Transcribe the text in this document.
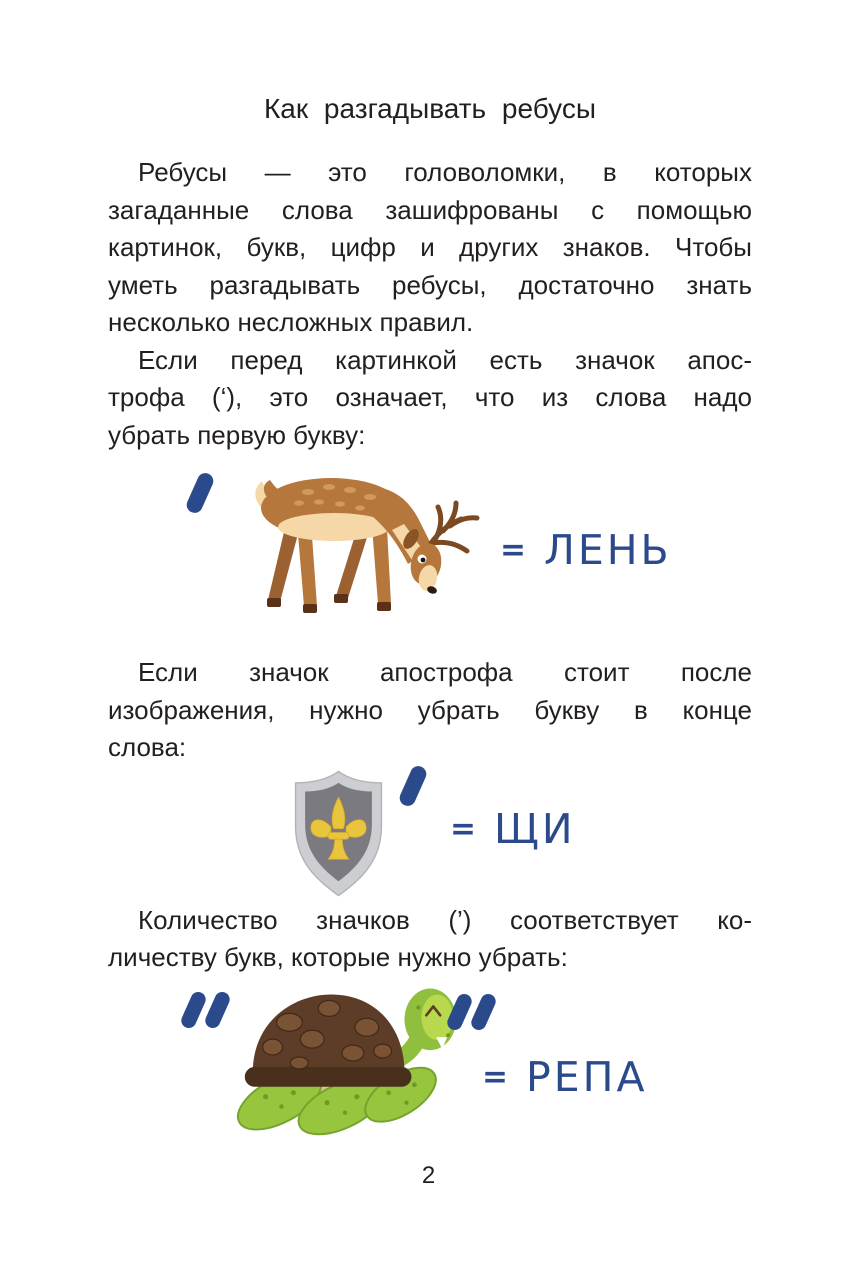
Как разгадывать ребусы
Ребусы — это головоломки, в которых
загаданные слова зашифрованы с помощью
картинок, букв, цифр и других знаков. Чтобы
уметь разгадывать ребусы, достаточно знать
несколько несложных правил.
Если перед картинкой есть значок апос-
трофа (‘), это означает, что из слова надо
убрать первую букву:
= ЛЕНЬ
Если значок апострофа стоит после
изображения, нужно убрать букву в конце
слова:
= ЩИ
Количество значков (’) соответствует ко-
личеству букв, которые нужно убрать:
= РЕПА
2
